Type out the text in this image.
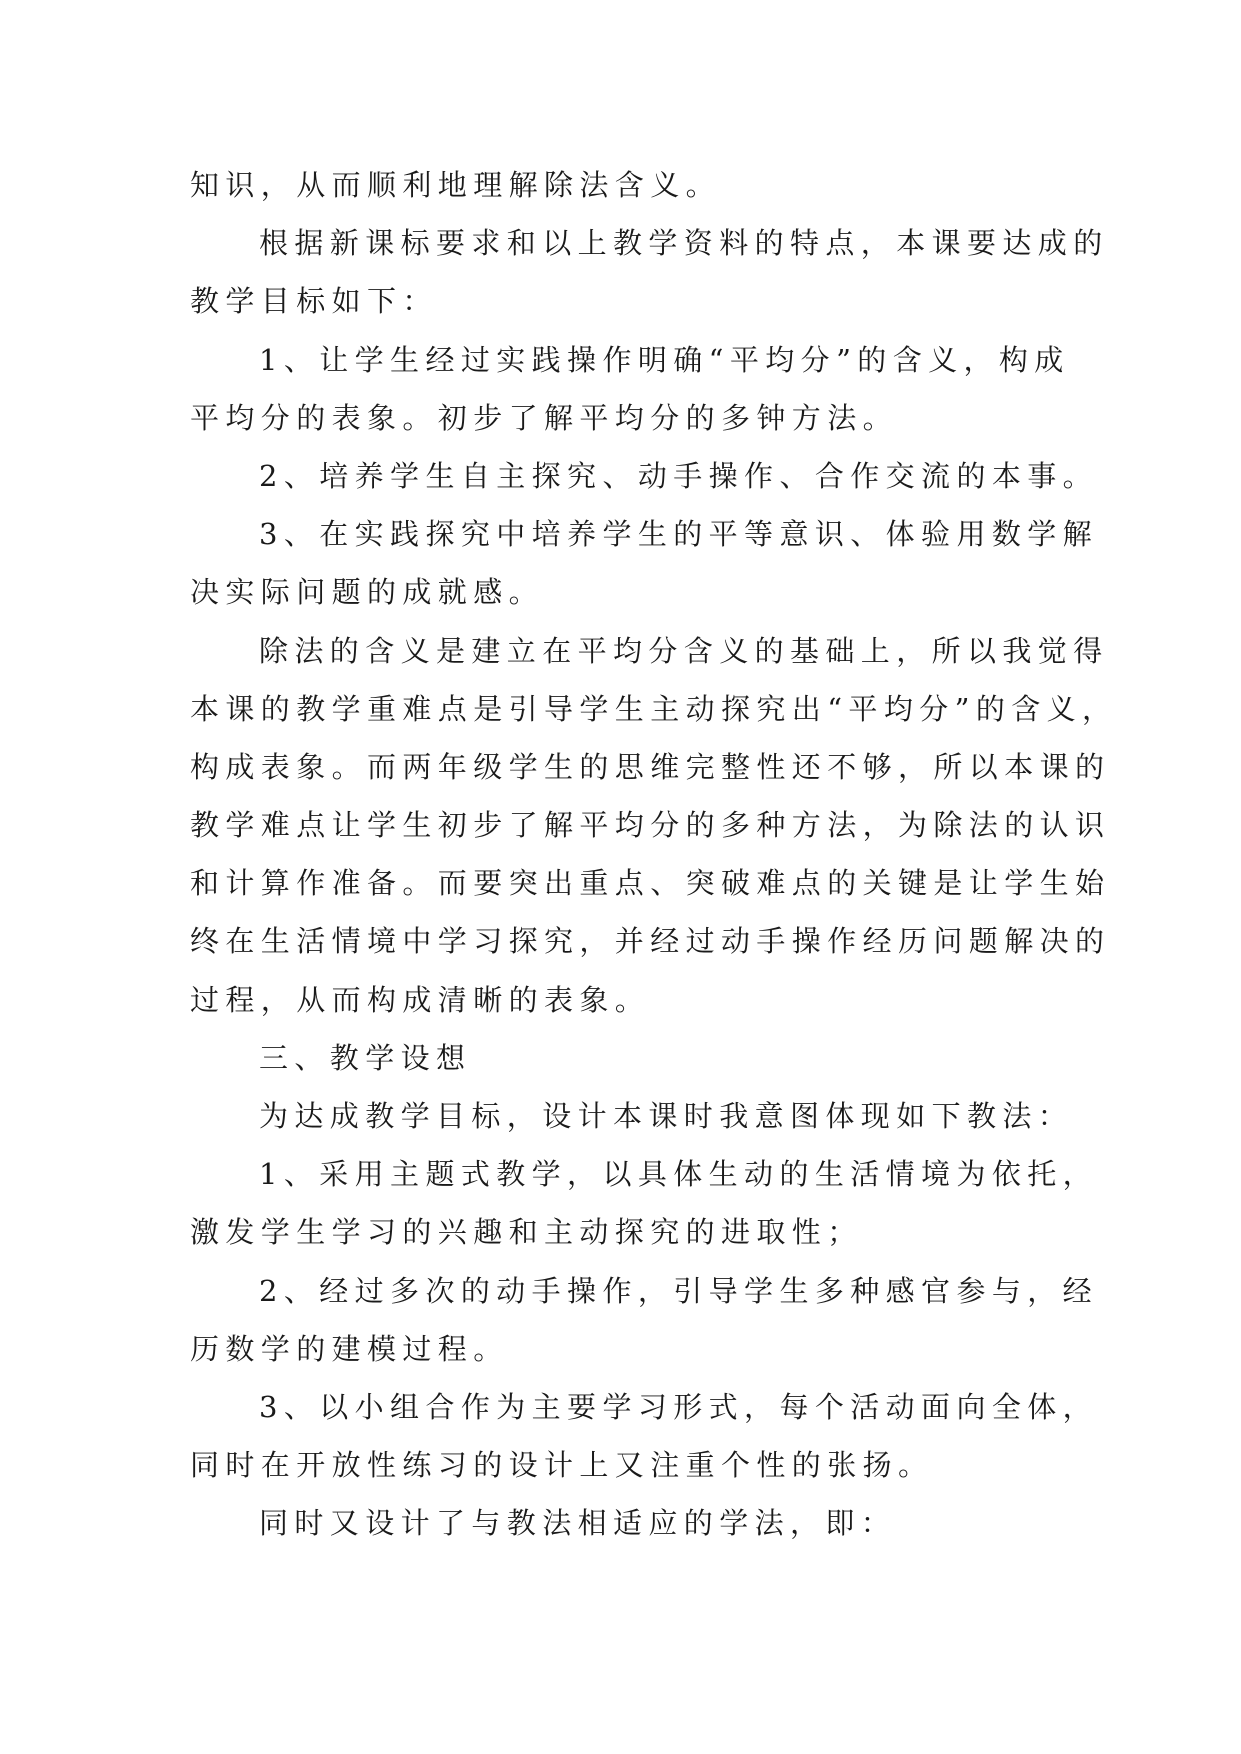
知识，从而顺利地理解除法含义。

根据新课标要求和以上教学资料的特点，本课要达成的

教学目标如下：

1、让学生经过实践操作明确“平均分”的含义，构成

平均分的表象。初步了解平均分的多钟方法。

2、培养学生自主探究、动手操作、合作交流的本事。

3、在实践探究中培养学生的平等意识、体验用数学解

决实际问题的成就感。

除法的含义是建立在平均分含义的基础上，所以我觉得

本课的教学重难点是引导学生主动探究出“平均分”的含义，

构成表象。而两年级学生的思维完整性还不够，所以本课的

教学难点让学生初步了解平均分的多种方法，为除法的认识

和计算作准备。而要突出重点、突破难点的关键是让学生始

终在生活情境中学习探究，并经过动手操作经历问题解决的

过程，从而构成清晰的表象。

三、教学设想

为达成教学目标，设计本课时我意图体现如下教法：

1、采用主题式教学，以具体生动的生活情境为依托，

激发学生学习的兴趣和主动探究的进取性；

2、经过多次的动手操作，引导学生多种感官参与，经

历数学的建模过程。

3、以小组合作为主要学习形式，每个活动面向全体，

同时在开放性练习的设计上又注重个性的张扬。

同时又设计了与教法相适应的学法，即：
